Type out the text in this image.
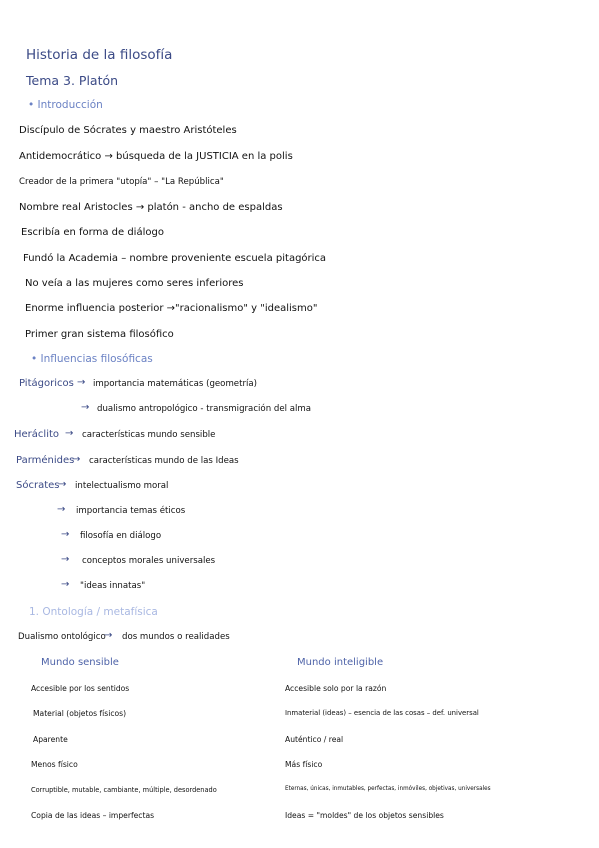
Historia de la filosofía
Tema 3. Platón
• Introducción
Discípulo de Sócrates y maestro Aristóteles
Antidemocrático → búsqueda de la JUSTICIA en la polis
Creador de la primera "utopía" – "La República"
Nombre real Aristocles → platón - ancho de espaldas
Escribía en forma de diálogo
Fundó la Academia – nombre proveniente escuela pitagórica
No veía a las mujeres como seres inferiores
Enorme influencia posterior →"racionalismo" y "idealismo"
Primer gran sistema filosófico
• Influencias filosóficas
Pitágoricos → importancia matemáticas (geometría)
→ dualismo antropológico - transmigración del alma
Heráclito → características mundo sensible
Parménides
→ características mundo de las Ideas
Sócrates
→ intelectualismo moral
→ importancia temas éticos
→ filosofía en diálogo
→ conceptos morales universales
→ "ideas innatas"
1. Ontología / metafísica
Dualismo ontológico
→ dos mundos o realidades
Mundo sensible
Accesible por los sentidos
Material (objetos físicos)
Aparente
Menos físico
Corruptible, mutable, cambiante, múltiple, desordenado
Copia de las ideas – imperfectas
Mundo inteligible
Accesible solo por la razón
Inmaterial (ideas) – esencia de las cosas – def. universal
Auténtico / real
Más físico
Eternas, únicas, inmutables, perfectas, inmóviles, objetivas, universales
Ideas = "moldes" de los objetos sensibles
